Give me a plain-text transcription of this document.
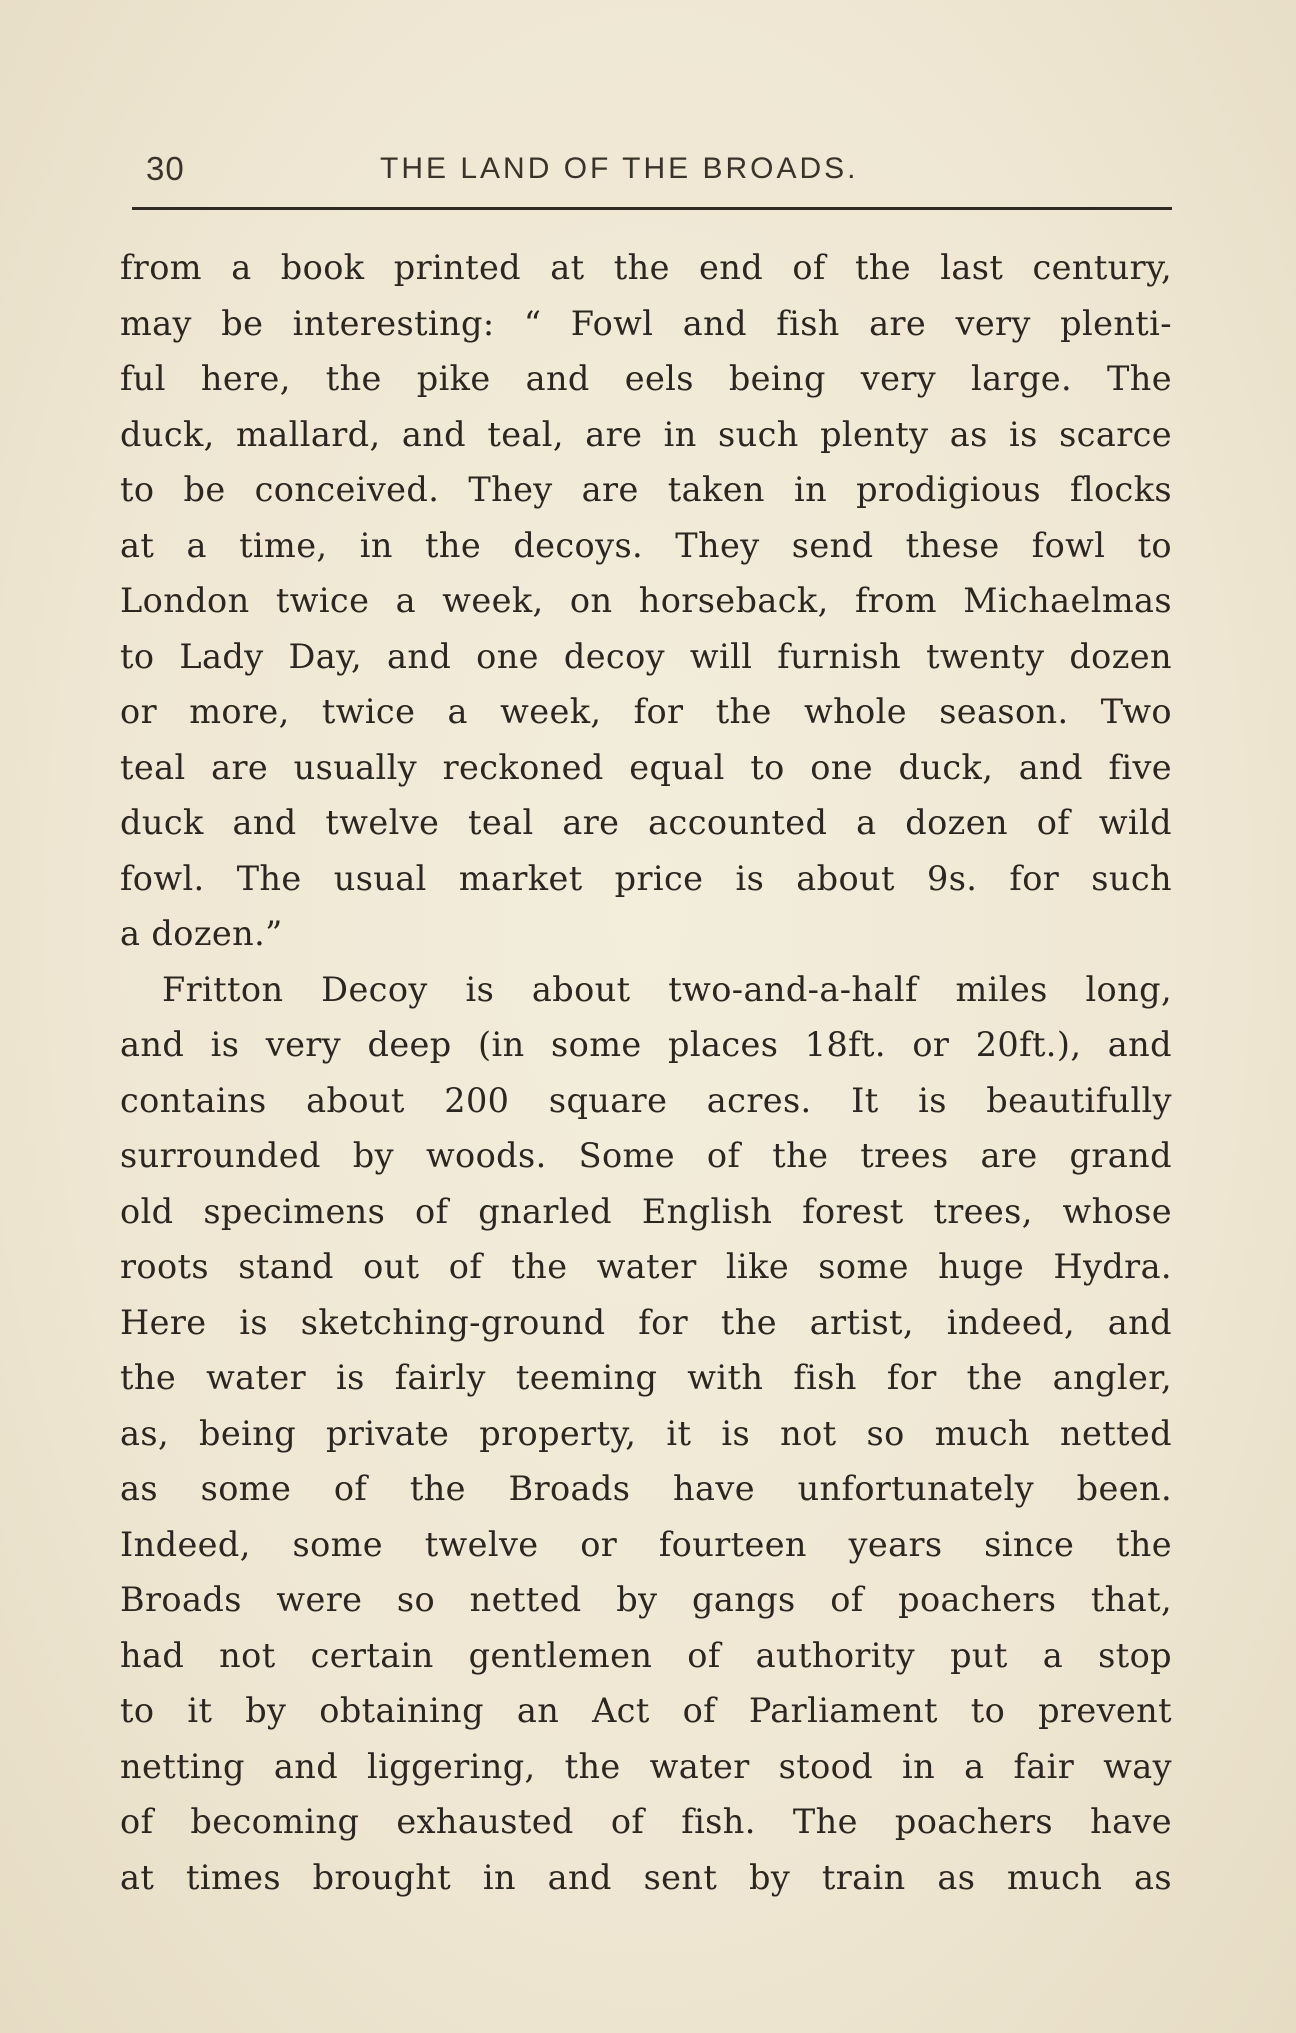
30	THE LAND OF THE BROADS.
from a book printed at the end of the last century,
may be interesting: “ Fowl and fish are very plenti-
ful here, the pike and eels being very large. The
duck, mallard, and teal, are in such plenty as is scarce
to be conceived. They are taken in prodigious flocks
at a time, in the decoys. They send these fowl to
London twice a week, on horseback, from Michaelmas
to Lady Day, and one decoy will furnish twenty dozen
or more, twice a week, for the whole season. Two
teal are usually reckoned equal to one duck, and five
duck and twelve teal are accounted a dozen of wild
fowl. The usual market price is about 9s. for such
a dozen.”
Fritton Decoy is about two-and-a-half miles long,
and is very deep (in some places 18ft. or 20ft.), and
contains about 200 square acres. It is beautifully
surrounded by woods. Some of the trees are grand
old specimens of gnarled English forest trees, whose
roots stand out of the water like some huge Hydra.
Here is sketching-ground for the artist, indeed, and
the water is fairly teeming with fish for the angler,
as, being private property, it is not so much netted
as some of the Broads have unfortunately been.
Indeed, some twelve or fourteen years since the
Broads were so netted by gangs of poachers that,
had not certain gentlemen of authority put a stop
to it by obtaining an Act of Parliament to prevent
netting and liggering, the water stood in a fair way
of becoming exhausted of fish. The poachers have
at times brought in and sent by train as much as
